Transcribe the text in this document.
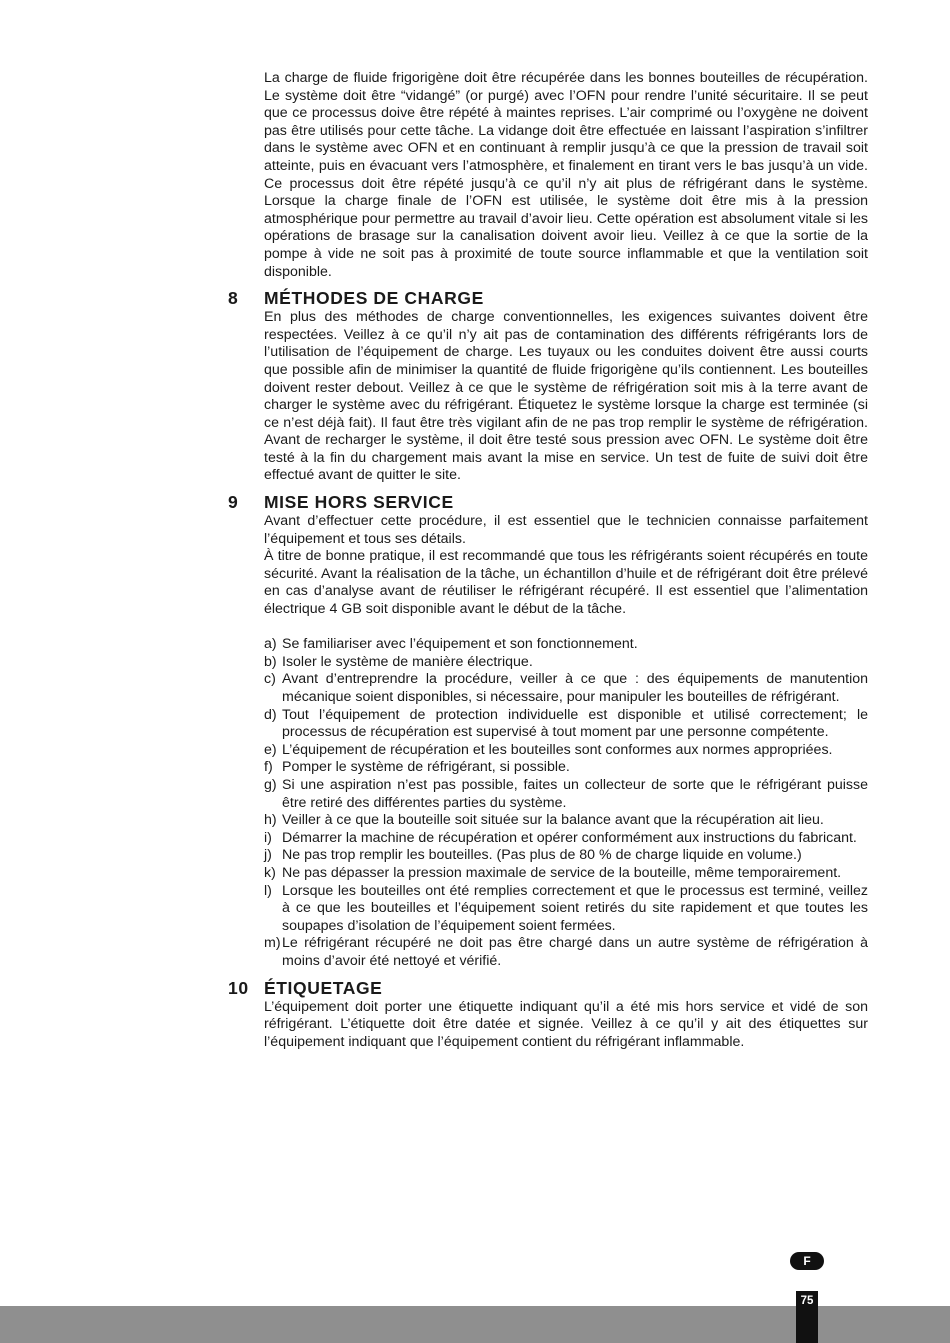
La charge de fluide frigorigène doit être récupérée dans les bonnes bouteilles de récupération. Le système doit être “vidangé” (or purgé) avec l’OFN pour rendre l’unité sécuritaire. Il se peut que ce processus doive être répété à maintes reprises. L’air comprimé ou l’oxygène ne doivent pas être utilisés pour cette tâche. La vidange doit être effectuée en laissant l’aspiration s’infiltrer dans le système avec OFN et en continuant à remplir jusqu’à ce que la pression de travail soit atteinte, puis en évacuant vers l’atmosphère, et finalement en tirant vers le bas jusqu’à un vide. Ce processus doit être répété jusqu’à ce qu’il n’y ait plus de réfrigérant dans le système. Lorsque la charge finale de l’OFN est utilisée, le système doit être mis à la pression atmosphérique pour permettre au travail d’avoir lieu. Cette opération est absolument vitale si les opérations de brasage sur la canalisation doivent avoir lieu. Veillez à ce que la sortie de la pompe à vide ne soit pas à proximité de toute source inflammable et que la ventilation soit disponible.

8 MÉTHODES DE CHARGE

En plus des méthodes de charge conventionnelles, les exigences suivantes doivent être respectées. Veillez à ce qu’il n’y ait pas de contamination des différents réfrigérants lors de l’utilisation de l’équipement de charge. Les tuyaux ou les conduites doivent être aussi courts que possible afin de minimiser la quantité de fluide frigorigène qu’ils contiennent. Les bouteilles doivent rester debout. Veillez à ce que le système de réfrigération soit mis à la terre avant de charger le système avec du réfrigérant. Étiquetez le système lorsque la charge est terminée (si ce n’est déjà fait). Il faut être très vigilant afin de ne pas trop remplir le système de réfrigération. Avant de recharger le système, il doit être testé sous pression avec OFN. Le système doit être testé à la fin du chargement mais avant la mise en service. Un test de fuite de suivi doit être effectué avant de quitter le site.

9 MISE HORS SERVICE

Avant d’effectuer cette procédure, il est essentiel que le technicien connaisse parfaitement l’équipement et tous ses détails.

À titre de bonne pratique, il est recommandé que tous les réfrigérants soient récupérés en toute sécurité. Avant la réalisation de la tâche, un échantillon d’huile et de réfrigérant doit être prélevé en cas d’analyse avant de réutiliser le réfrigérant récupéré. Il est essentiel que l’alimentation électrique 4 GB soit disponible avant le début de la tâche.

a) Se familiariser avec l’équipement et son fonctionnement.
b) Isoler le système de manière électrique.
c) Avant d’entreprendre la procédure, veiller à ce que : des équipements de manutention mécanique soient disponibles, si nécessaire, pour manipuler les bouteilles de réfrigérant.
d) Tout l’équipement de protection individuelle est disponible et utilisé correctement; le processus de récupération est supervisé à tout moment par une personne compétente.
e) L’équipement de récupération et les bouteilles sont conformes aux normes appropriées.
f) Pomper le système de réfrigérant, si possible.
g) Si une aspiration n’est pas possible, faites un collecteur de sorte que le réfrigérant puisse être retiré des différentes parties du système.
h) Veiller à ce que la bouteille soit située sur la balance avant que la récupération ait lieu.
i) Démarrer la machine de récupération et opérer conformément aux instructions du fabricant.
j) Ne pas trop remplir les bouteilles. (Pas plus de 80 % de charge liquide en volume.)
k) Ne pas dépasser la pression maximale de service de la bouteille, même temporairement.
l) Lorsque les bouteilles ont été remplies correctement et que le processus est terminé, veillez à ce que les bouteilles et l’équipement soient retirés du site rapidement et que toutes les soupapes d’isolation de l’équipement soient fermées.
m) Le réfrigérant récupéré ne doit pas être chargé dans un autre système de réfrigération à moins d’avoir été nettoyé et vérifié.
10 ÉTIQUETAGE

L’équipement doit porter une étiquette indiquant qu’il a été mis hors service et vidé de son réfrigérant. L’étiquette doit être datée et signée. Veillez à ce qu’il y ait des étiquettes sur l’équipement indiquant que l’équipement contient du réfrigérant inflammable.

F
75
